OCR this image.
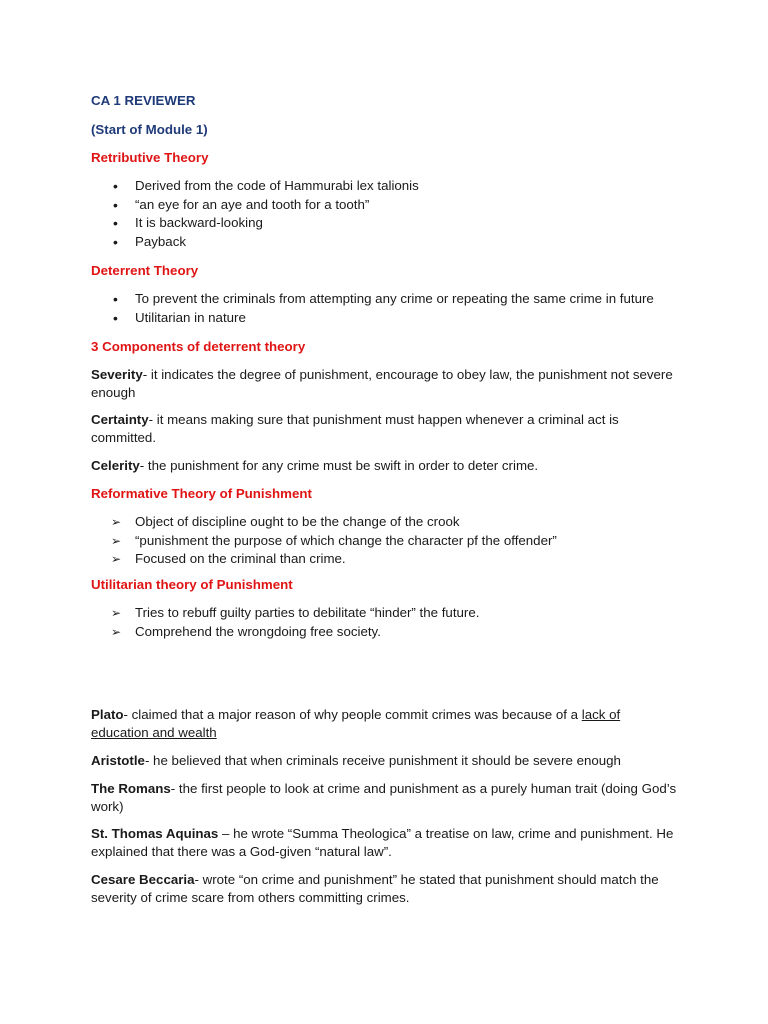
CA 1 REVIEWER

(Start of Module 1)

Retributive Theory

• Derived from the code of Hammurabi lex talionis
• “an eye for an aye and tooth for a tooth”
• It is backward-looking
• Payback

Deterrent Theory

• To prevent the criminals from attempting any crime or repeating the same crime in future
• Utilitarian in nature

3 Components of deterrent theory

Severity- it indicates the degree of punishment, encourage to obey law, the punishment not severe enough

Certainty- it means making sure that punishment must happen whenever a criminal act is committed.

Celerity- the punishment for any crime must be swift in order to deter crime.

Reformative Theory of Punishment

➢ Object of discipline ought to be the change of the crook
➢ “punishment the purpose of which change the character pf the offender”
➢ Focused on the criminal than crime.

Utilitarian theory of Punishment

➢ Tries to rebuff guilty parties to debilitate “hinder” the future.
➢ Comprehend the wrongdoing free society.

Plato- claimed that a major reason of why people commit crimes was because of a lack of education and wealth

Aristotle- he believed that when criminals receive punishment it should be severe enough

The Romans- the first people to look at crime and punishment as a purely human trait (doing God’s work)

St. Thomas Aquinas – he wrote “Summa Theologica” a treatise on law, crime and punishment. He explained that there was a God-given “natural law”.

Cesare Beccaria- wrote “on crime and punishment” he stated that punishment should match the severity of crime scare from others committing crimes.
